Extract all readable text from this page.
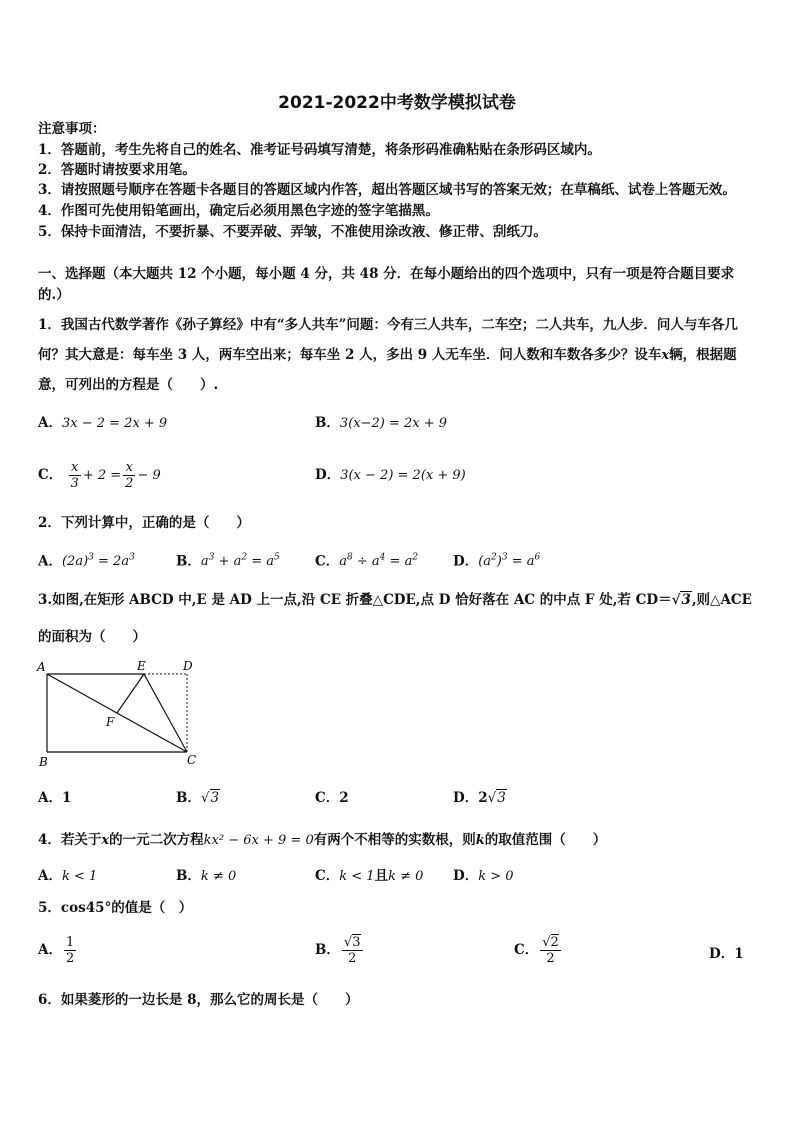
2021-2022中考数学模拟试卷
注意事项：
1．答题前，考生先将自己的姓名、准考证号码填写清楚，将条形码准确粘贴在条形码区域内。
2．答题时请按要求用笔。
3．请按照题号顺序在答题卡各题目的答题区域内作答，超出答题区域书写的答案无效；在草稿纸、试卷上答题无效。
4．作图可先使用铅笔画出，确定后必须用黑色字迹的签字笔描黑。
5．保持卡面清洁，不要折暴、不要弄破、弄皱，不准使用涂改液、修正带、刮纸刀。
一、选择题（本大题共 12 个小题，每小题 4 分，共 48 分．在每小题给出的四个选项中，只有一项是符合题目要求
的.）
1．我国古代数学著作《孙子算经》中有“多人共车”问题：今有三人共车，二车空；二人共车，九人步．问人与车各几
何？其大意是：每车坐 3 人，两车空出来；每车坐 2 人，多出 9 人无车坐．问人数和车数各多少？设车x辆，根据题
意，可列出的方程是（　　）.
A．3x − 2 = 2x + 9	B．3(x−2) = 2x + 9
C． $\frac{x}{3} + 2 = \frac{x}{2} - 9$	D．3(x − 2) = 2(x + 9)
2．下列计算中，正确的是（　　）
A．$(2a)^3 = 2a^3$	B．$a^3 + a^2 = a^5$	C．$a^8 \div a^4 = a^2$	D．$(a^2)^3 = a^6$
3.如图,在矩形 ABCD 中,E 是 AD 上一点,沿 CE 折叠△CDE,点 D 恰好落在 AC 的中点 F 处,若 CD＝√3,则△ACE
的面积为（　　）
A	E	D
F
B	C
A．1	B．√3	C．2	D．2√3
4．若关于x的一元二次方程kx² − 6x + 9 = 0有两个不相等的实数根，则k的取值范围（　　）
A．k < 1	B．k ≠ 0	C．k < 1且k ≠ 0 D．k > 0
5．cos45°的值是（　）
A． $\frac{1}{2}$	B． $\frac{√3}{2}$	C． $\frac{√2}{2}$	D．1
6．如果菱形的一边长是 8，那么它的周长是（　　）
